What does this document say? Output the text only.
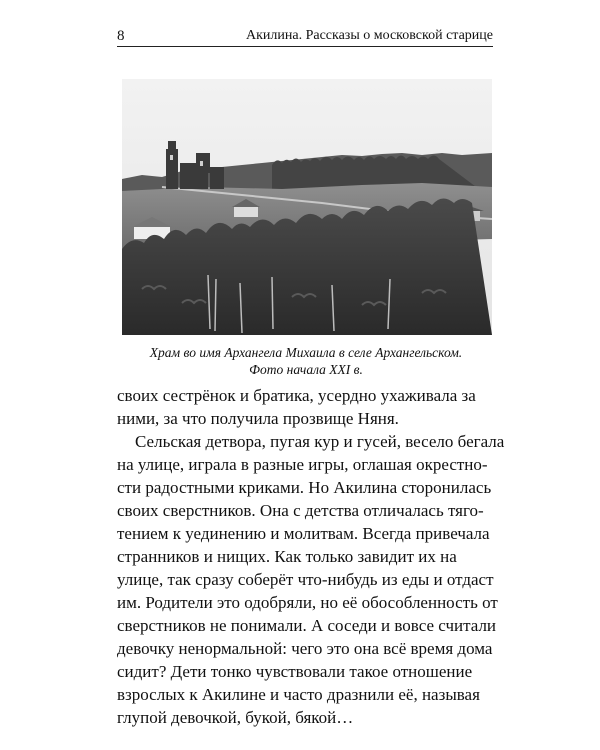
8	Акилина. Рассказы о московской старице
Храм во имя Архангела Михаила в селе Архангельском.
Фото начала XXI в.
своих сестрёнок и братика, усердно ухаживала за
ними, за что получила прозвище Няня.
Сельская детвора, пугая кур и гусей, весело бегала
на улице, играла в разные игры, оглашая окрестно-
сти радостными криками. Но Акилина сторонилась
своих сверстников. Она с детства отличалась тяго-
тением к уединению и молитвам. Всегда привечала
странников и нищих. Как только завидит их на
улице, так сразу соберёт что-нибудь из еды и отдаст
им. Родители это одобряли, но её обособленность от
сверстников не понимали. А соседи и вовсе считали
девочку ненормальной: чего это она всё время дома
сидит? Дети тонко чувствовали такое отношение
взрослых к Акилине и часто дразнили её, называя
глупой девочкой, букой, бякой…
